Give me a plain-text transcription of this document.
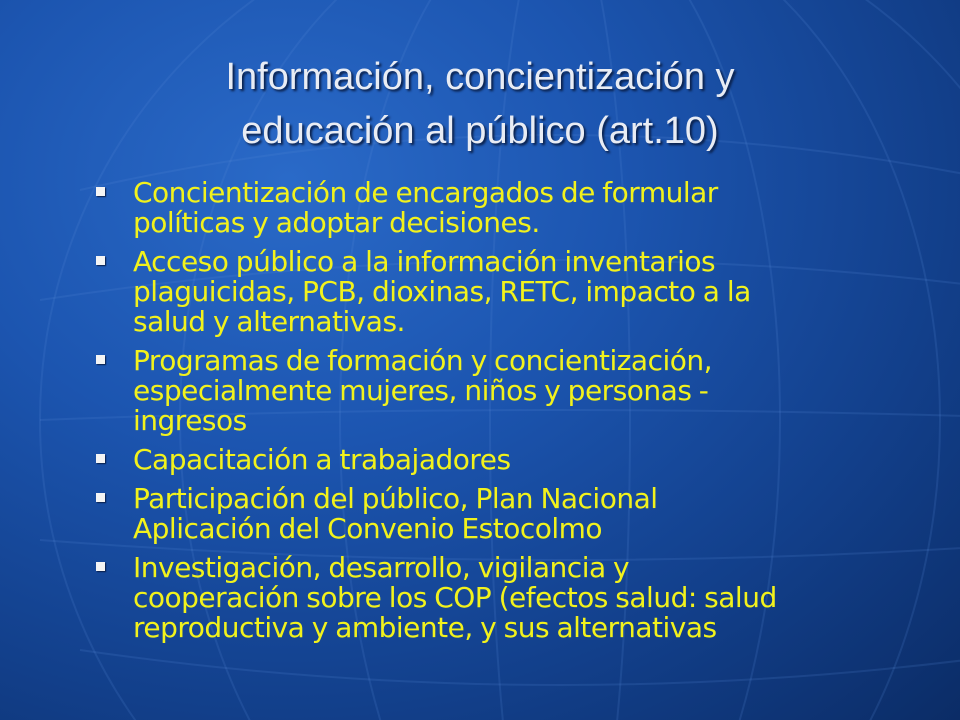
Información, concientización y
educación al público (art.10)
Concientización de encargados de formular
políticas y adoptar decisiones.
Acceso público a la información inventarios
plaguicidas, PCB, dioxinas, RETC, impacto a la
salud y alternativas.
Programas de formación y concientización,
especialmente mujeres, niños y personas -
ingresos
Capacitación a trabajadores
Participación del público, Plan Nacional
Aplicación del Convenio Estocolmo
Investigación, desarrollo, vigilancia y
cooperación sobre los COP (efectos salud: salud
reproductiva y ambiente, y sus alternativas
